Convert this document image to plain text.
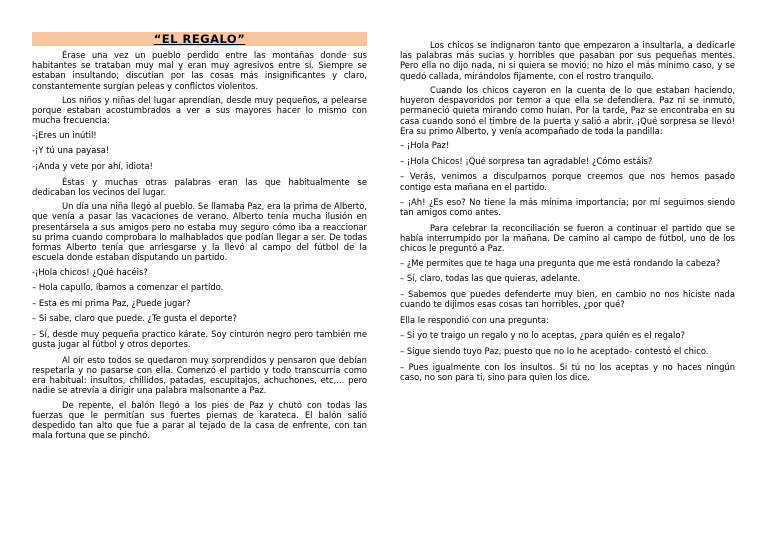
“EL REGALO”

Érase una vez un pueblo perdido entre las montañas donde sus habitantes se trataban muy mal y eran muy agresivos entre sí. Siempre se estaban insultando; discutían por las cosas más insignificantes y claro, constantemente surgían peleas y conflictos violentos.

Los niños y niñas del lugar aprendían, desde muy pequeños, a pelearse porque estaban acostumbrados a ver a sus mayores hacer lo mismo con mucha frecuencia:

-¡Eres un inútil!

-¡Y tú una payasa!

-¡Anda y vete por ahí, idiota!

Éstas y muchas otras palabras eran las que habitualmente se dedicaban los vecinos del lugar.

Un día una niña llegó al pueblo. Se llamaba Paz, era la prima de Alberto, que venía a pasar las vacaciones de verano. Alberto tenía mucha ilusión en presentársela a sus amigos pero no estaba muy seguro cómo iba a reaccionar su prima cuando comprobara lo malhablados que podían llegar a ser. De todas formas Alberto tenía que arriesgarse y la llevó al campo del fútbol de la escuela donde estaban disputando un partido.

-¡Hola chicos! ¿Qué hacéis?

– Hola capullo, íbamos a comenzar el partido.

– Esta es mi prima Paz, ¿Puede jugar?

– Si sabe, claro que puede. ¿Te gusta el deporte?

– Sí, desde muy pequeña practico kárate. Soy cinturón negro pero también me gusta jugar al fútbol y otros deportes.

Al oír esto todos se quedaron muy sorprendidos y pensaron que debían respetarla y no pasarse con ella. Comenzó el partido y todo transcurría como era habitual: insultos, chillidos, patadas, escupitajos, achuchones, etc,... pero nadie se atrevía a dirigir una palabra malsonante a Paz.

De repente, el balón llegó a los pies de Paz y chutó con todas las fuerzas que le permitían sus fuertes piernas de karateca. El balón salió despedido tan alto que fue a parar al tejado de la casa de enfrente, con tan mala fortuna que se pinchó.

Los chicos se indignaron tanto que empezaron a insultarla, a dedicarle las palabras más sucias y horribles que pasaban por sus pequeñas mentes. Pero ella no dijo nada, ni si quiera se movió; no hizo el más mínimo caso, y se quedó callada, mirándolos fijamente, con el rostro tranquilo.

Cuando los chicos cayeron en la cuenta de lo que estaban haciendo, huyeron despavoridos por temor a que ella se defendiera. Paz ni se inmutó, permaneció quieta mirando como huían. Por la tarde, Paz se encontraba en su casa cuando sonó el timbre de la puerta y salió a abrir. ¡Qué sorpresa se llevó! Era su primo Alberto, y venía acompañado de toda la pandilla:

– ¡Hola Paz!

– ¡Hola Chicos! ¡Qué sorpresa tan agradable! ¿Cómo estáis?

– Verás, venimos a disculparnos porque creemos que nos hemos pasado contigo esta mañana en el partido.

– ¡Ah! ¿Es eso? No tiene la más mínima importancia; por mí seguimos siendo tan amigos como antes.

Para celebrar la reconciliación se fueron a continuar el partido que se había interrumpido por la mañana. De camino al campo de fútbol, uno de los chicos le preguntó a Paz.

– ¿Me permites que te haga una pregunta que me está rondando la cabeza?

– Sí, claro, todas las que quieras, adelante.

– Sabemos que puedes defenderte muy bien, en cambio no nos hiciste nada cuando te dijimos esas cosas tan horribles, ¿por qué?

Ella le respondió con una pregunta:

– Si yo te traigo un regalo y no lo aceptas, ¿para quién es el regalo?

– Sigue siendo tuyo Paz, puesto que no lo he aceptado- contestó el chico.

– Pues igualmente con los insultos. Si tú no los aceptas y no haces ningún caso, no son para ti, sino para quien los dice.
